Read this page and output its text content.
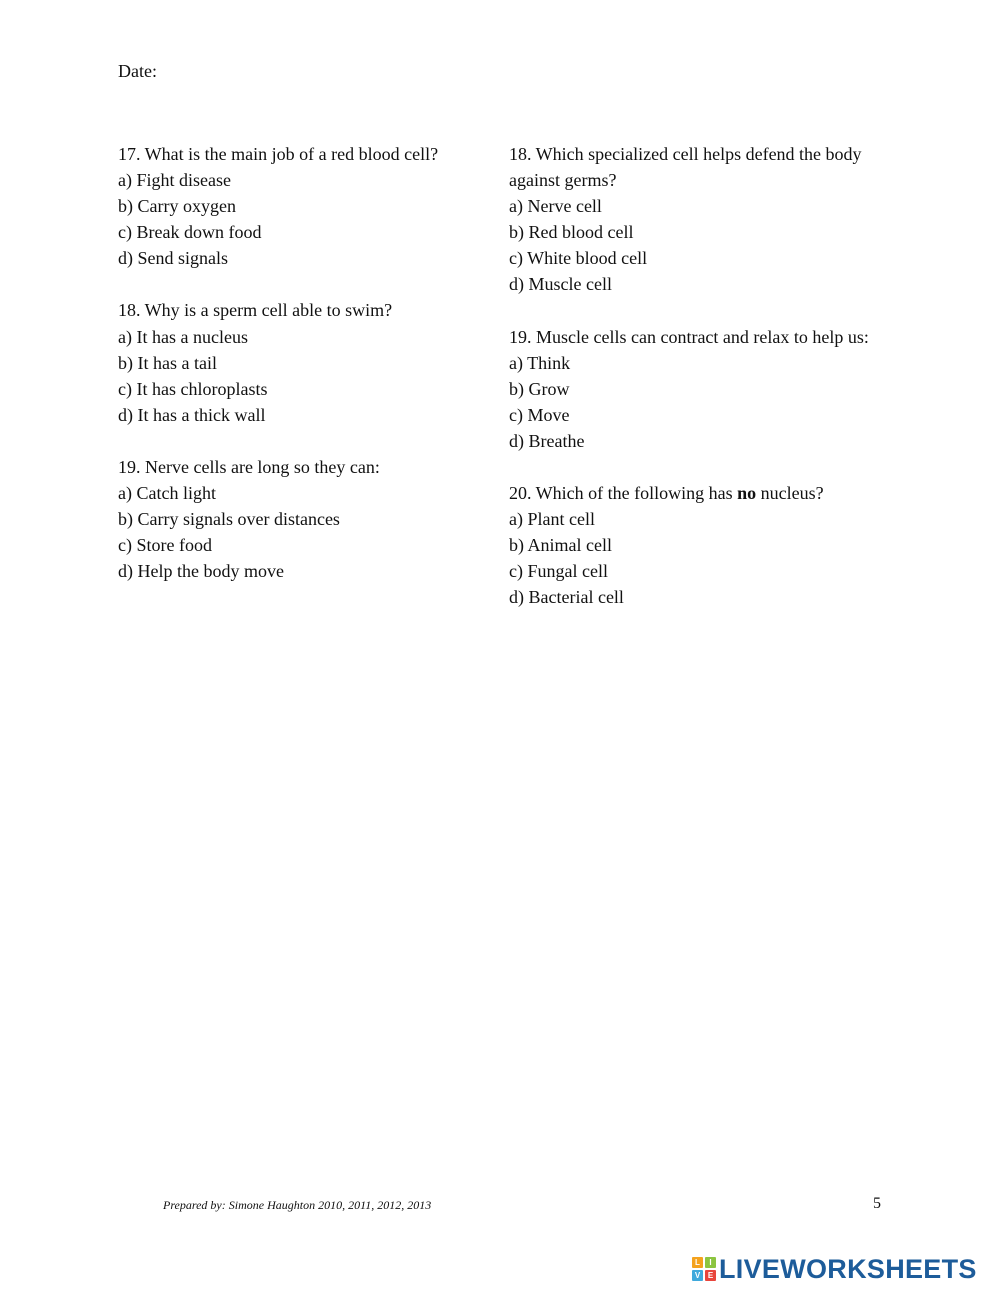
Date:
17. What is the main job of a red blood cell?
a) Fight disease
b) Carry oxygen
c) Break down food
d) Send signals
18. Why is a sperm cell able to swim?
a) It has a nucleus
b) It has a tail
c) It has chloroplasts
d) It has a thick wall
19. Nerve cells are long so they can:
a) Catch light
b) Carry signals over distances
c) Store food
d) Help the body move
18. Which specialized cell helps defend the body against germs?
a) Nerve cell
b) Red blood cell
c) White blood cell
d) Muscle cell
19. Muscle cells can contract and relax to help us:
a) Think
b) Grow
c) Move
d) Breathe
20. Which of the following has no nucleus?
a) Plant cell
b) Animal cell
c) Fungal cell
d) Bacterial cell
Prepared by: Simone Haughton 2010, 2011, 2012, 2013	5
L	I
V E LIVEWORKSHEETS
